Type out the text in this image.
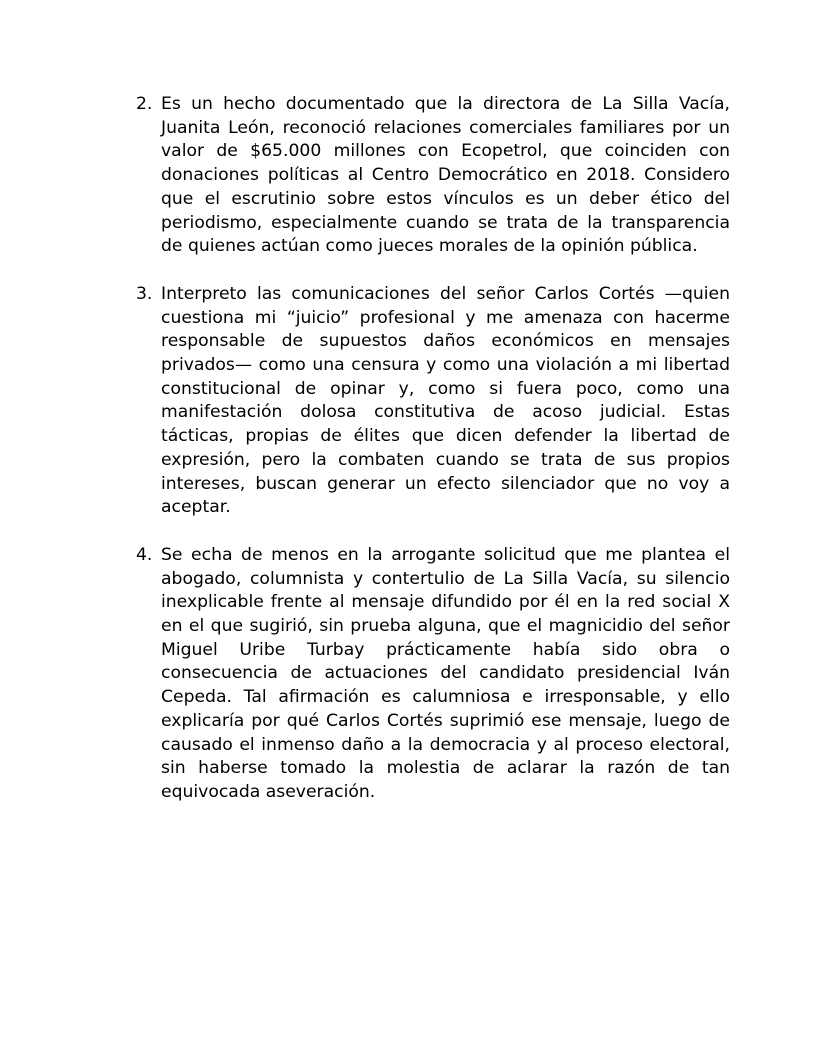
2. Es un hecho documentado que la directora de La Silla Vacía, Juanita León, reconoció relaciones comerciales familiares por un valor de $65.000 millones con Ecopetrol, que coinciden con donaciones políticas al Centro Democrático en 2018. Considero que el escrutinio sobre estos vínculos es un deber ético del periodismo, especialmente cuando se trata de la transparencia de quienes actúan como jueces morales de la opinión pública.
3. Interpreto las comunicaciones del señor Carlos Cortés —quien cuestiona mi “juicio” profesional y me amenaza con hacerme responsable de supuestos daños económicos en mensajes privados— como una censura y como una violación a mi libertad constitucional de opinar y, como si fuera poco, como una manifestación dolosa constitutiva de acoso judicial. Estas tácticas, propias de élites que dicen defender la libertad de expresión, pero la combaten cuando se trata de sus propios intereses, buscan generar un efecto silenciador que no voy a aceptar.
4. Se echa de menos en la arrogante solicitud que me plantea el abogado, columnista y contertulio de La Silla Vacía, su silencio inexplicable frente al mensaje difundido por él en la red social X en el que sugirió, sin prueba alguna, que el magnicidio del señor Miguel Uribe Turbay prácticamente había sido obra o consecuencia de actuaciones del candidato presidencial Iván Cepeda. Tal afirmación es calumniosa e irresponsable, y ello explicaría por qué Carlos Cortés suprimió ese mensaje, luego de causado el inmenso daño a la democracia y al proceso electoral, sin haberse tomado la molestia de aclarar la razón de tan equivocada aseveración.
